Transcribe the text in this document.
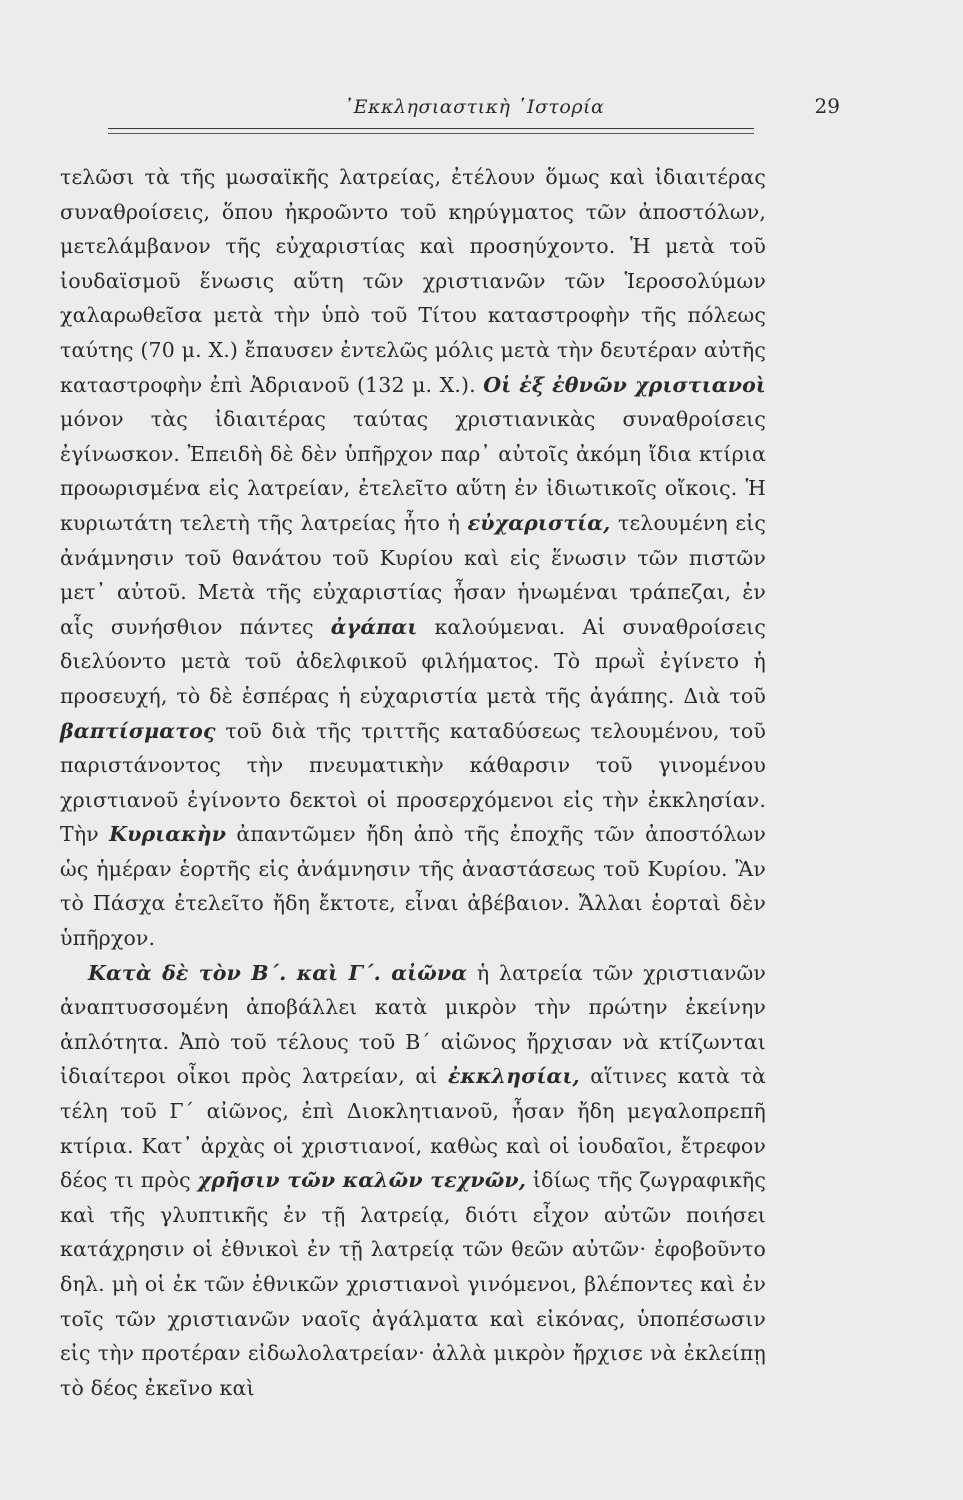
᾿Εκκλησιαστικὴ ῾Ιστορία	29

τελῶσι τὰ τῆς μωσαϊκῆς λατρείας, ἐτέλουν ὅμως καὶ ἰδιαιτέρας συναθροίσεις, ὅπου ἠκροῶντο τοῦ κηρύγματος τῶν ἀποστόλων, μετελάμβανον τῆς εὐχαριστίας καὶ προσηύχοντο. Ἡ μετὰ τοῦ ἰουδαϊσμοῦ ἕνωσις αὕτη τῶν χριστιανῶν τῶν Ἱεροσολύμων χαλαρωθεῖσα μετὰ τὴν ὑπὸ τοῦ Τίτου καταστροφὴν τῆς πόλεως ταύτης (70 μ. Χ.) ἔπαυσεν ἐντελῶς μόλις μετὰ τὴν δευτέραν αὐτῆς καταστροφὴν ἐπὶ Ἀδριανοῦ (132 μ. Χ.). Οἱ ἐξ ἐθνῶν χριστιανοὶ μόνον τὰς ἰδιαιτέρας ταύτας χριστιανικὰς συναθροίσεις ἐγίνωσκον. Ἐπειδὴ δὲ δὲν ὑπῆρχον παρ᾿ αὐτοῖς ἀκόμη ἴδια κτίρια προωρισμένα εἰς λατρείαν, ἐτελεῖτο αὕτη ἐν ἰδιωτικοῖς οἴκοις. Ἡ κυριωτάτη τελετὴ τῆς λατρείας ἦτο ἡ εὐχαριστία, τελουμένη εἰς ἀνάμνησιν τοῦ θανάτου τοῦ Κυρίου καὶ εἰς ἕνωσιν τῶν πιστῶν μετ᾿ αὐτοῦ. Μετὰ τῆς εὐχαριστίας ἦσαν ἡνωμέναι τράπεζαι, ἐν αἷς συνήσθιον πάντες ἀγάπαι καλούμεναι. Αἱ συναθροίσεις διελύοντο μετὰ τοῦ ἀδελφικοῦ φιλήματος. Τὸ πρωῒ ἐγίνετο ἡ προσευχή, τὸ δὲ ἑσπέρας ἡ εὐχαριστία μετὰ τῆς ἀγάπης. Διὰ τοῦ βαπτίσματος τοῦ διὰ τῆς τριττῆς καταδύσεως τελουμένου, τοῦ παριστάνοντος τὴν πνευματικὴν κάθαρσιν τοῦ γινομένου χριστιανοῦ ἐγίνοντο δεκτοὶ οἱ προσερχόμενοι εἰς τὴν ἐκκλησίαν. Τὴν Κυριακὴν ἀπαντῶμεν ἤδη ἀπὸ τῆς ἐποχῆς τῶν ἀποστόλων ὡς ἡμέραν ἑορτῆς εἰς ἀνάμνησιν τῆς ἀναστάσεως τοῦ Κυρίου. Ἂν τὸ Πάσχα ἐτελεῖτο ἤδη ἔκτοτε, εἶναι ἀβέβαιον. Ἄλλαι ἑορταὶ δὲν ὑπῆρχον.

Κατὰ δὲ τὸν Β΄. καὶ Γ΄. αἰῶνα ἡ λατρεία τῶν χριστιανῶν ἀναπτυσσομένη ἀποβάλλει κατὰ μικρὸν τὴν πρώτην ἐκείνην ἁπλότητα. Ἀπὸ τοῦ τέλους τοῦ Β΄ αἰῶνος ἤρχισαν νὰ κτίζωνται ἰδιαίτεροι οἶκοι πρὸς λατρείαν, αἱ ἐκκλησίαι, αἵτινες κατὰ τὰ τέλη τοῦ Γ΄ αἰῶνος, ἐπὶ Διοκλητιανοῦ, ἦσαν ἤδη μεγαλοπρεπῆ κτίρια. Κατ᾿ ἀρχὰς οἱ χριστιανοί, καθὼς καὶ οἱ ἰουδαῖοι, ἔτρεφον δέος τι πρὸς χρῆσιν τῶν καλῶν τεχνῶν, ἰδίως τῆς ζωγραφικῆς καὶ τῆς γλυπτικῆς ἐν τῇ λατρείᾳ, διότι εἶχον αὐτῶν ποιήσει κατάχρησιν οἱ ἐθνικοὶ ἐν τῇ λατρείᾳ τῶν θεῶν αὐτῶν· ἐφοβοῦντο δηλ. μὴ οἱ ἐκ τῶν ἐθνικῶν χριστιανοὶ γινόμενοι, βλέποντες καὶ ἐν τοῖς τῶν χριστιανῶν ναοῖς ἀγάλματα καὶ εἰκόνας, ὑποπέσωσιν εἰς τὴν προτέραν εἰδωλολατρείαν· ἀλλὰ μικρὸν ἤρχισε νὰ ἐκλείπῃ τὸ δέος ἐκεῖνο καὶ
